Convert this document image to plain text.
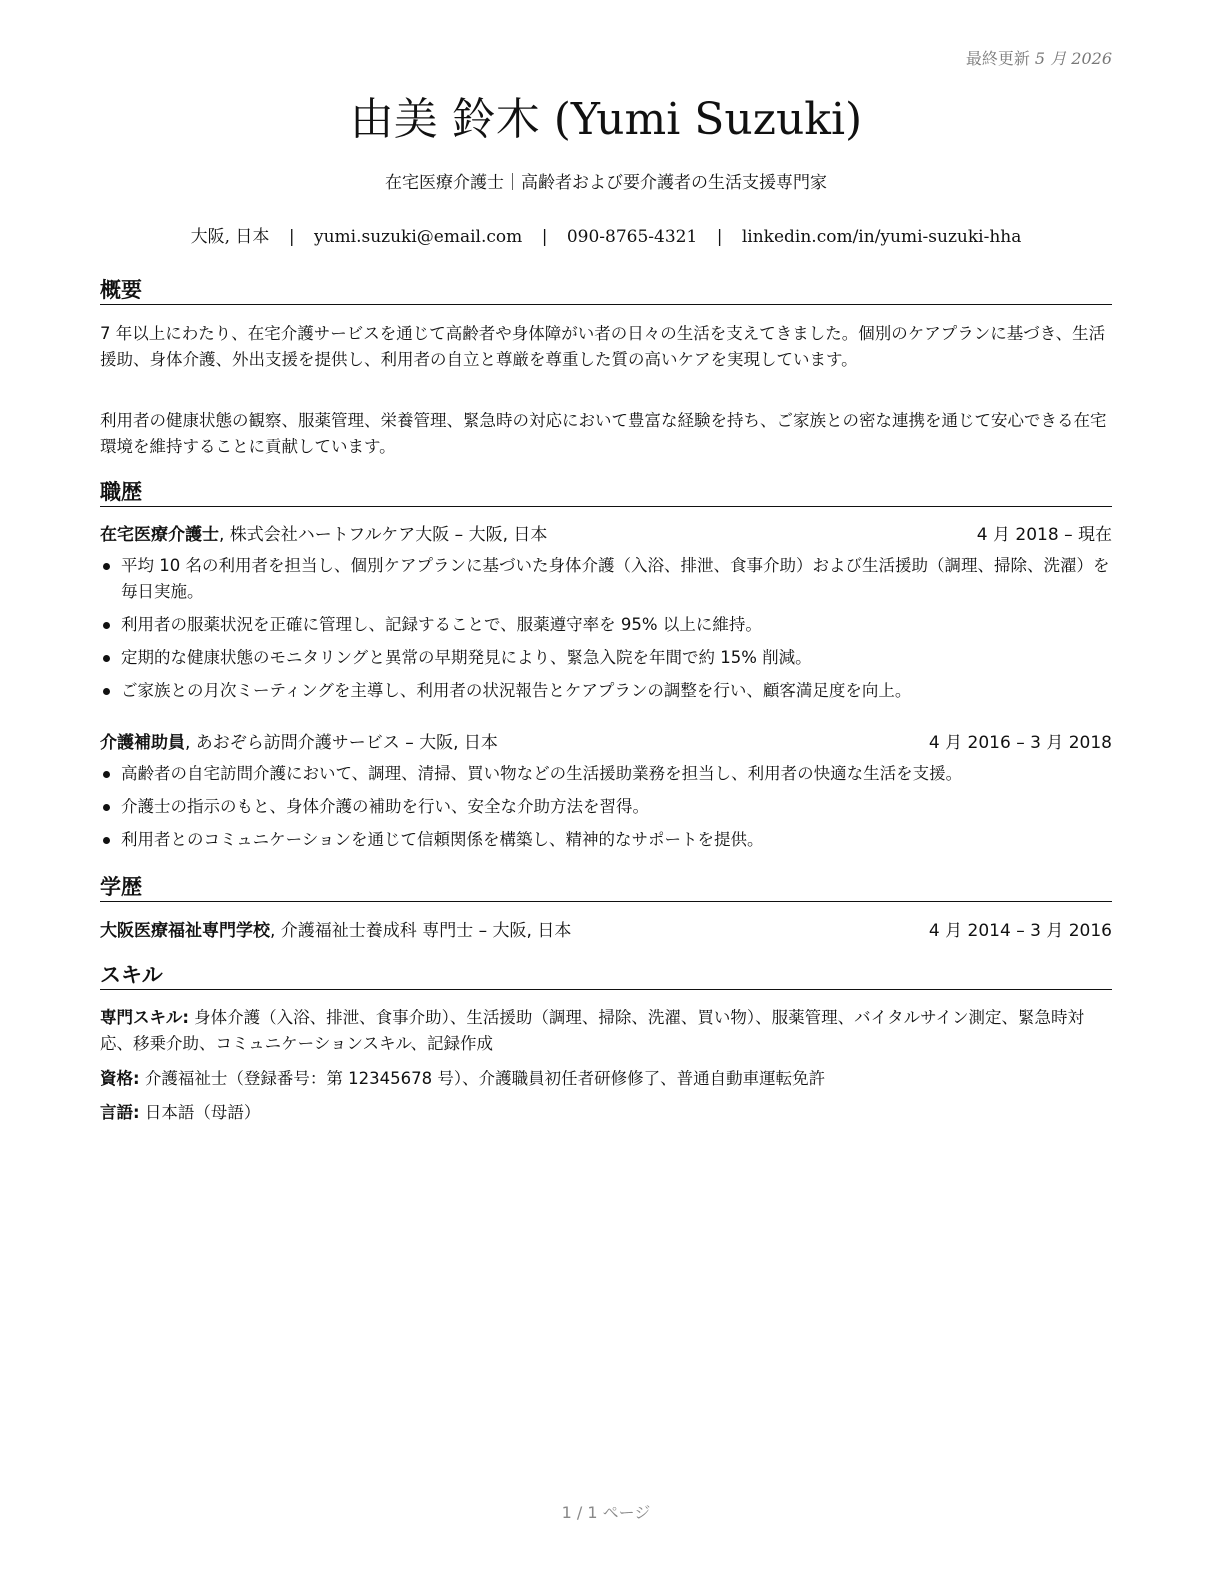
最終更新 5 月 2026
由美 鈴木 (Yumi Suzuki)
在宅医療介護士｜高齢者および要介護者の生活支援専門家
大阪, 日本 | yumi.suzuki@email.com | 090-8765-4321 | linkedin.com/in/yumi-suzuki-hha
概要
7 年以上にわたり、在宅介護サービスを通じて高齢者や身体障がい者の日々の生活を支えてきました。個別のケアプランに基づき、生活援助、身体介護、外出支援を提供し、利用者の自立と尊厳を尊重した質の高いケアを実現しています。
利用者の健康状態の観察、服薬管理、栄養管理、緊急時の対応において豊富な経験を持ち、ご家族との密な連携を通じて安心できる在宅環境を維持することに貢献しています。
職歴
在宅医療介護士, 株式会社ハートフルケア大阪 – 大阪, 日本	4 月 2018 – 現在
平均 10 名の利用者を担当し、個別ケアプランに基づいた身体介護（入浴、排泄、食事介助）および生活援助（調理、掃除、洗濯）を毎日実施。
利用者の服薬状況を正確に管理し、記録することで、服薬遵守率を 95% 以上に維持。
定期的な健康状態のモニタリングと異常の早期発見により、緊急入院を年間で約 15% 削減。
ご家族との月次ミーティングを主導し、利用者の状況報告とケアプランの調整を行い、顧客満足度を向上。
介護補助員, あおぞら訪問介護サービス – 大阪, 日本	4 月 2016 – 3 月 2018
高齢者の自宅訪問介護において、調理、清掃、買い物などの生活援助業務を担当し、利用者の快適な生活を支援。
介護士の指示のもと、身体介護の補助を行い、安全な介助方法を習得。
利用者とのコミュニケーションを通じて信頼関係を構築し、精神的なサポートを提供。
学歴
大阪医療福祉専門学校, 介護福祉士養成科 専門士 – 大阪, 日本	4 月 2014 – 3 月 2016
スキル
専門スキル: 身体介護（入浴、排泄、食事介助）、生活援助（調理、掃除、洗濯、買い物）、服薬管理、バイタルサイン測定、緊急時対応、移乗介助、コミュニケーションスキル、記録作成
資格: 介護福祉士（登録番号：第 12345678 号）、介護職員初任者研修修了、普通自動車運転免許
言語: 日本語（母語）
1 / 1 ページ
